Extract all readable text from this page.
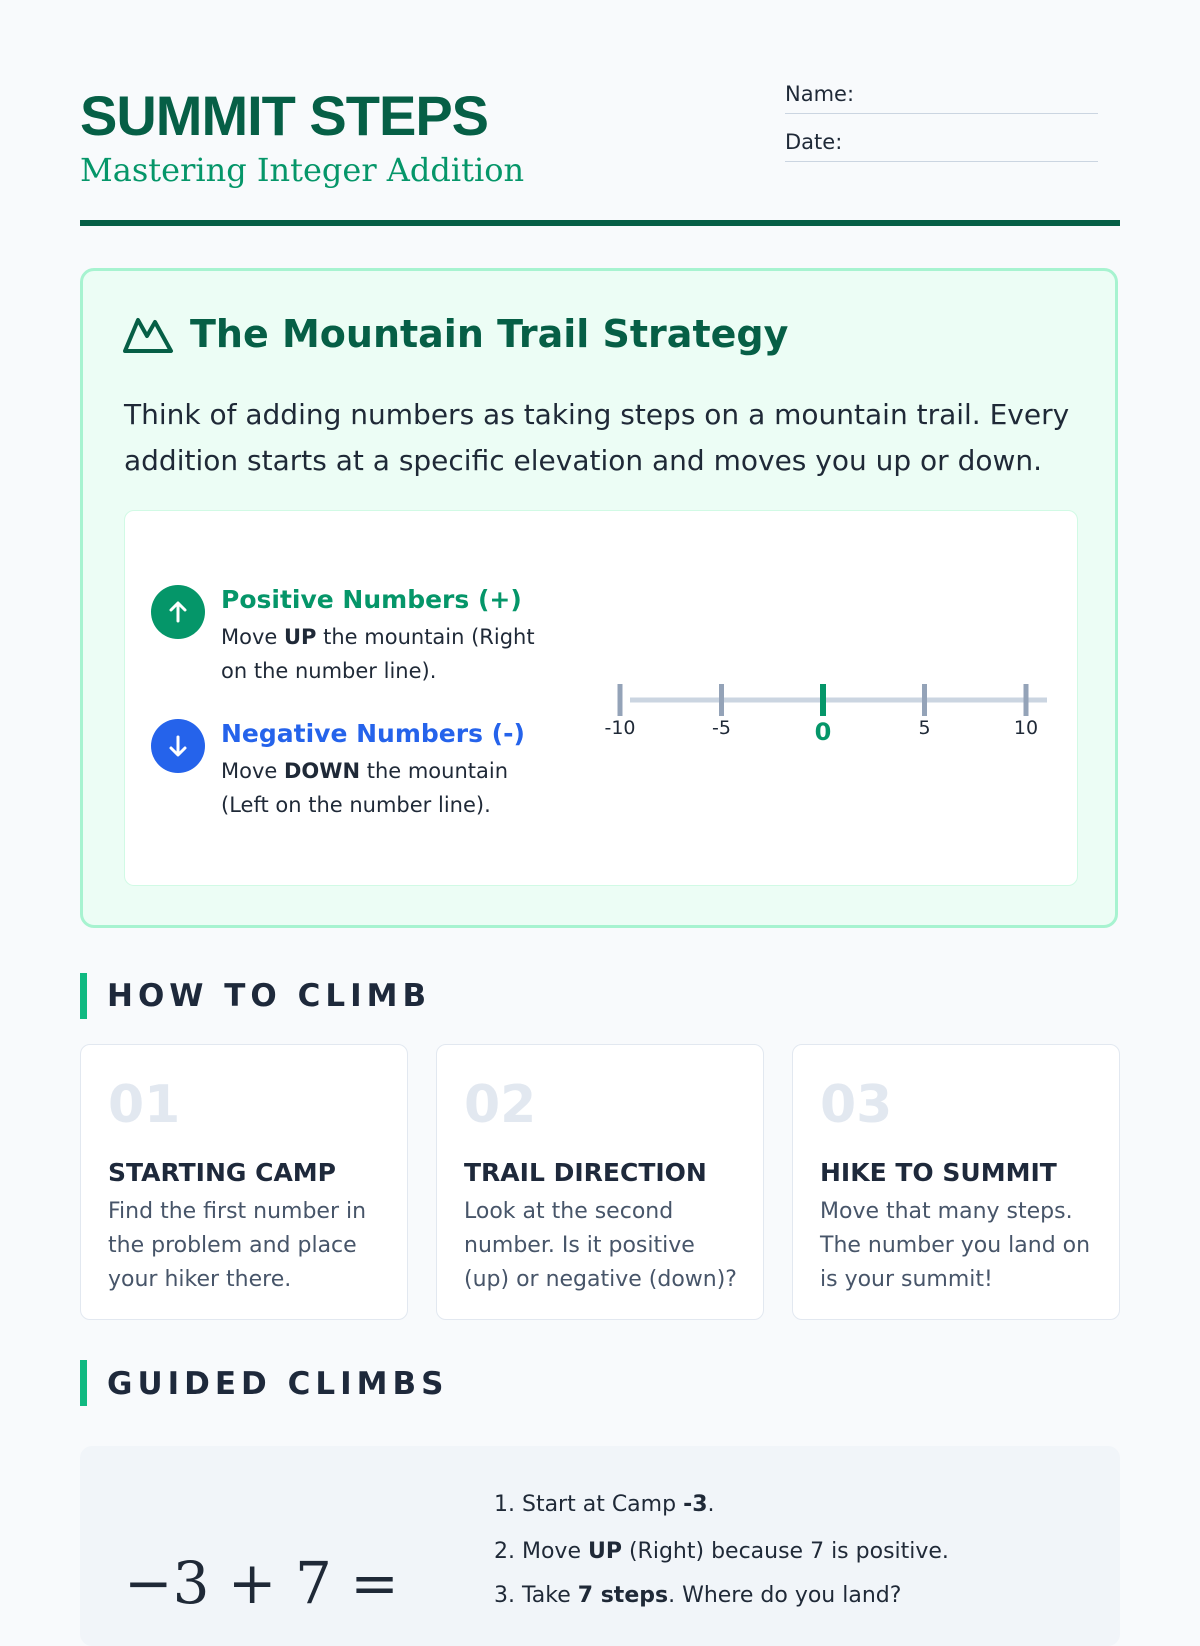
SUMMIT STEPS
Mastering Integer Addition
Name:
Date:
The Mountain Trail Strategy
Think of adding numbers as taking steps on a mountain trail. Every addition starts at a specific elevation and moves you up or down.
Positive Numbers (+)
Move UP the mountain (Right on the number line).
Negative Numbers (-)
Move DOWN the mountain (Left on the number line).
-10	-5	0	5	10
HOW TO CLIMB
01
STARTING CAMP
Find the first number in the problem and place your hiker there.
02
TRAIL DIRECTION
Look at the second number. Is it positive (up) or negative (down)?
03
HIKE TO SUMMIT
Move that many steps. The number you land on is your summit!
GUIDED CLIMBS
−3 + 7 =
1. Start at Camp -3.
2. Move UP (Right) because 7 is positive.
3. Take 7 steps. Where do you land?
